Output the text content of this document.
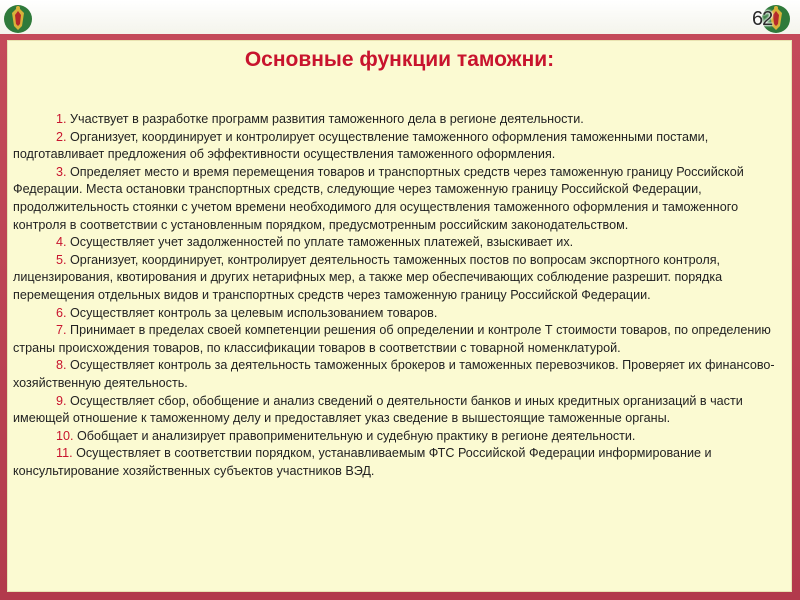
62
Основные функции таможни:

1. Участвует в разработке программ развития таможенного дела в регионе деятельности.

2. Организует, координирует и контролирует осуществление таможенного оформления таможенными постами, подготавливает предложения об эффективности осуществления таможенного оформления.

3. Определяет место и время перемещения товаров и транспортных средств через таможенную границу Российской Федерации. Места остановки транспортных средств, следующие через таможенную границу Российской Федерации, продолжительность стоянки с учетом времени необходимого для осуществления таможенного оформления и таможенного контроля в соответствии с установленным порядком, предусмотренным российским законодательством.

4. Осуществляет учет задолженностей по уплате таможенных платежей, взыскивает их.

5. Организует, координирует, контролирует деятельность таможенных постов по вопросам экспортного контроля, лицензирования, квотирования и других нетарифных мер, а также мер обеспечивающих соблюдение разрешит. порядка перемещения отдельных видов и транспортных средств через таможенную границу Российской Федерации.

6. Осуществляет контроль за целевым использованием товаров.

7. Принимает в пределах своей компетенции решения об определении и контроле Т стоимости товаров, по определению страны происхождения товаров, по классификации товаров в соответствии с товарной номенклатурой.

8. Осуществляет контроль за деятельность таможенных брокеров и таможенных перевозчиков. Проверяет их финансово-хозяйственную деятельность.

9. Осуществляет сбор, обобщение и анализ сведений о деятельности банков и иных кредитных организаций в части имеющей отношение к таможенному делу и предоставляет указ сведение в вышестоящие таможенные органы.

10. Обобщает и анализирует правоприменительную и судебную практику в регионе деятельности.

11. Осуществляет в соответствии порядком, устанавливаемым ФТС Российской Федерации информирование и консультирование хозяйственных субъектов участников ВЭД.
